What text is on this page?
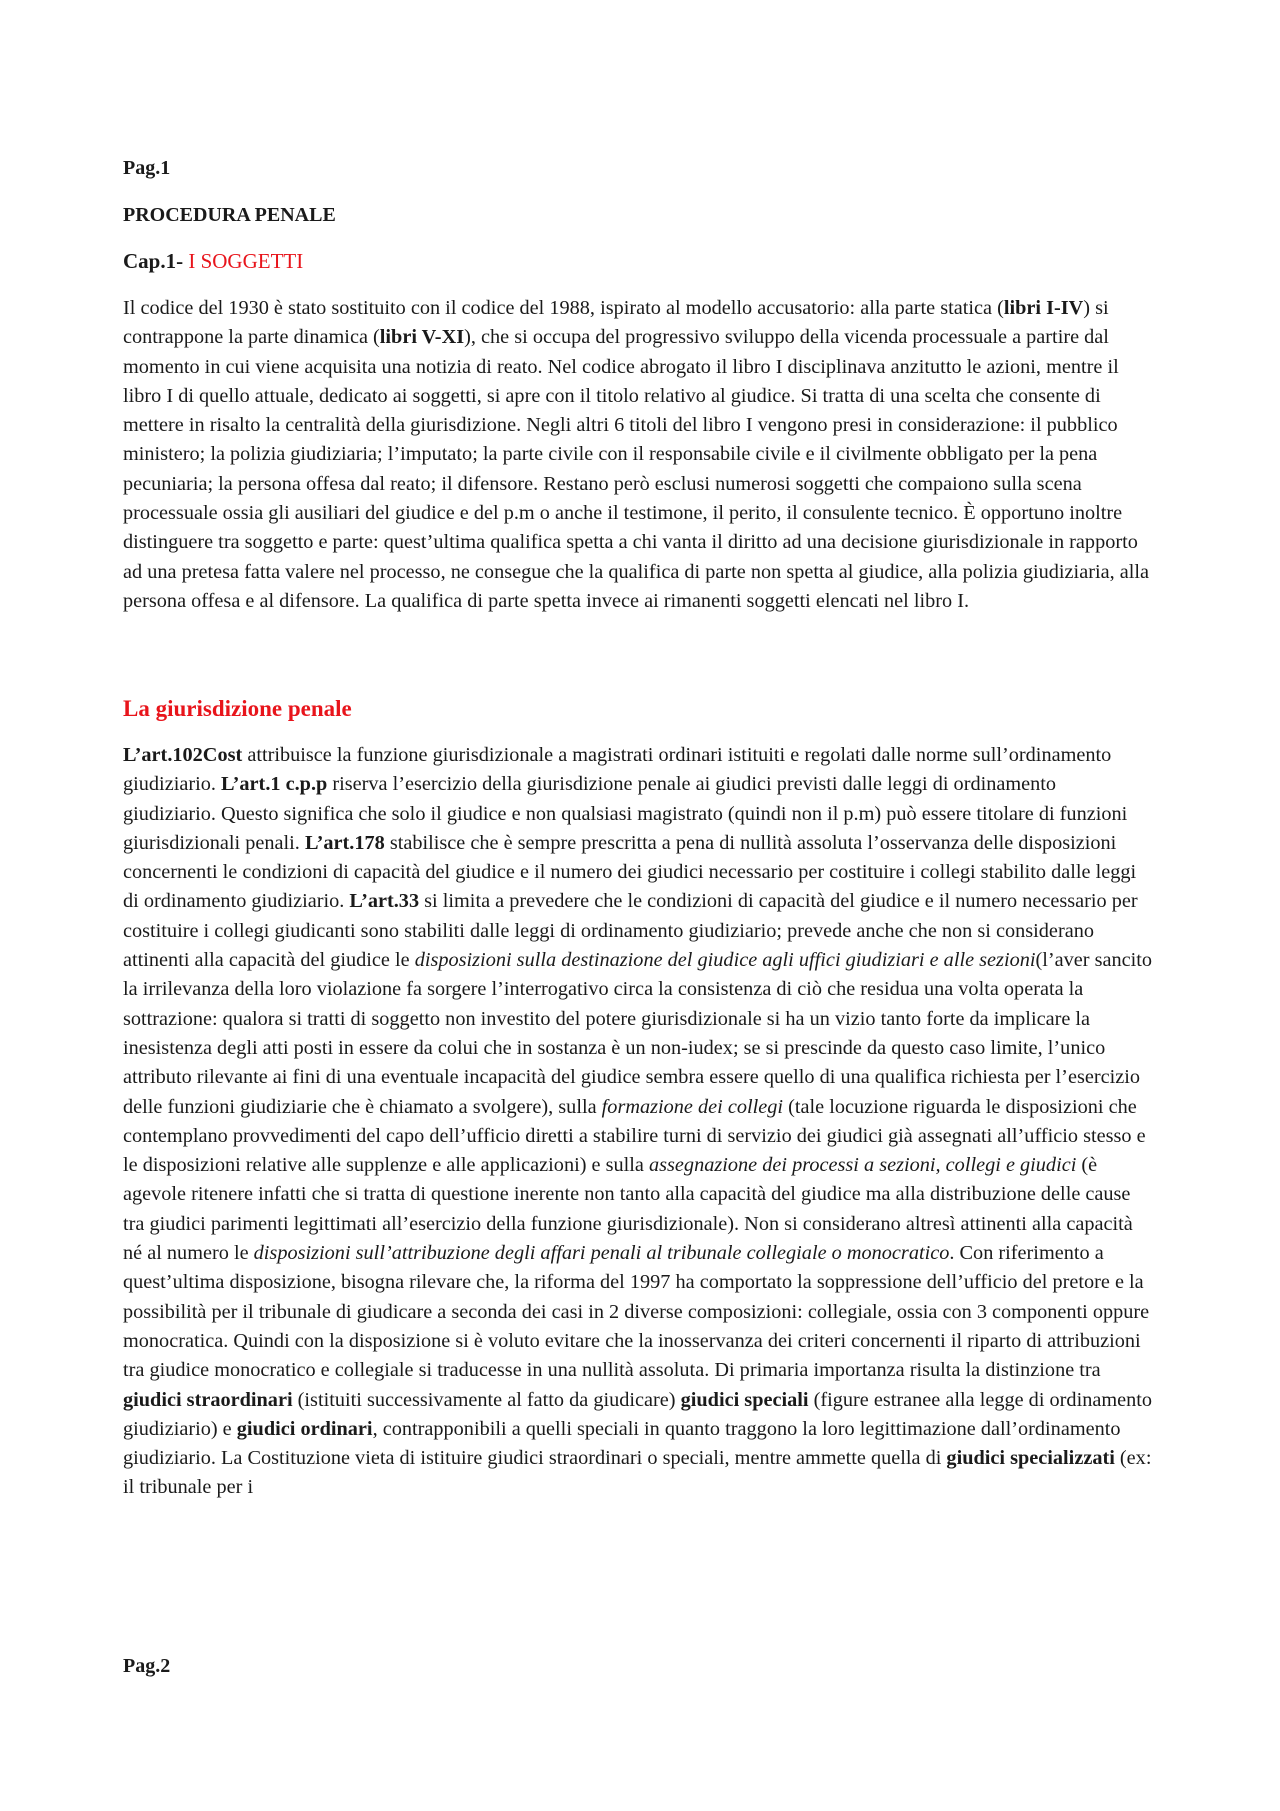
Pag.1

PROCEDURA PENALE

Cap.1- I SOGGETTI

Il codice del 1930 è stato sostituito con il codice del 1988, ispirato al modello accusatorio: alla parte statica (libri I-IV) si contrappone la parte dinamica (libri V-XI), che si occupa del progressivo sviluppo della vicenda processuale a partire dal momento in cui viene acquisita una notizia di reato. Nel codice abrogato il libro I disciplinava anzitutto le azioni, mentre il libro I di quello attuale, dedicato ai soggetti, si apre con il titolo relativo al giudice. Si tratta di una scelta che consente di mettere in risalto la centralità della giurisdizione. Negli altri 6 titoli del libro I vengono presi in considerazione: il pubblico ministero; la polizia giudiziaria; l’imputato; la parte civile con il responsabile civile e il civilmente obbligato per la pena pecuniaria; la persona offesa dal reato; il difensore. Restano però esclusi numerosi soggetti che compaiono sulla scena processuale ossia gli ausiliari del giudice e del p.m o anche il testimone, il perito, il consulente tecnico. È opportuno inoltre distinguere tra soggetto e parte: quest’ultima qualifica spetta a chi vanta il diritto ad una decisione giurisdizionale in rapporto ad una pretesa fatta valere nel processo, ne consegue che la qualifica di parte non spetta al giudice, alla polizia giudiziaria, alla persona offesa e al difensore. La qualifica di parte spetta invece ai rimanenti soggetti elencati nel libro I.

La giurisdizione penale

L’art.102Cost attribuisce la funzione giurisdizionale a magistrati ordinari istituiti e regolati dalle norme sull’ordinamento giudiziario. L’art.1 c.p.p riserva l’esercizio della giurisdizione penale ai giudici previsti dalle leggi di ordinamento giudiziario. Questo significa che solo il giudice e non qualsiasi magistrato (quindi non il p.m) può essere titolare di funzioni giurisdizionali penali. L’art.178 stabilisce che è sempre prescritta a pena di nullità assoluta l’osservanza delle disposizioni concernenti le condizioni di capacità del giudice e il numero dei giudici necessario per costituire i collegi stabilito dalle leggi di ordinamento giudiziario. L’art.33 si limita a prevedere che le condizioni di capacità del giudice e il numero necessario per costituire i collegi giudicanti sono stabiliti dalle leggi di ordinamento giudiziario; prevede anche che non si considerano attinenti alla capacità del giudice le disposizioni sulla destinazione del giudice agli uffici giudiziari e alle sezioni(l’aver sancito la irrilevanza della loro violazione fa sorgere l’interrogativo circa la consistenza di ciò che residua una volta operata la sottrazione: qualora si tratti di soggetto non investito del potere giurisdizionale si ha un vizio tanto forte da implicare la inesistenza degli atti posti in essere da colui che in sostanza è un non-iudex; se si prescinde da questo caso limite, l’unico attributo rilevante ai fini di una eventuale incapacità del giudice sembra essere quello di una qualifica richiesta per l’esercizio delle funzioni giudiziarie che è chiamato a svolgere), sulla formazione dei collegi (tale locuzione riguarda le disposizioni che contemplano provvedimenti del capo dell’ufficio diretti a stabilire turni di servizio dei giudici già assegnati all’ufficio stesso e le disposizioni relative alle supplenze e alle applicazioni) e sulla assegnazione dei processi a sezioni, collegi e giudici (è agevole ritenere infatti che si tratta di questione inerente non tanto alla capacità del giudice ma alla distribuzione delle cause tra giudici parimenti legittimati all’esercizio della funzione giurisdizionale). Non si considerano altresì attinenti alla capacità né al numero le disposizioni sull’attribuzione degli affari penali al tribunale collegiale o monocratico. Con riferimento a quest’ultima disposizione, bisogna rilevare che, la riforma del 1997 ha comportato la soppressione dell’ufficio del pretore e la possibilità per il tribunale di giudicare a seconda dei casi in 2 diverse composizioni: collegiale, ossia con 3 componenti oppure monocratica. Quindi con la disposizione si è voluto evitare che la inosservanza dei criteri concernenti il riparto di attribuzioni tra giudice monocratico e collegiale si traducesse in una nullità assoluta. Di primaria importanza risulta la distinzione tra giudici straordinari (istituiti successivamente al fatto da giudicare) giudici speciali (figure estranee alla legge di ordinamento giudiziario) e giudici ordinari, contrapponibili a quelli speciali in quanto traggono la loro legittimazione dall’ordinamento giudiziario. La Costituzione vieta di istituire giudici straordinari o speciali, mentre ammette quella di giudici specializzati (ex: il tribunale per i

Pag.2
